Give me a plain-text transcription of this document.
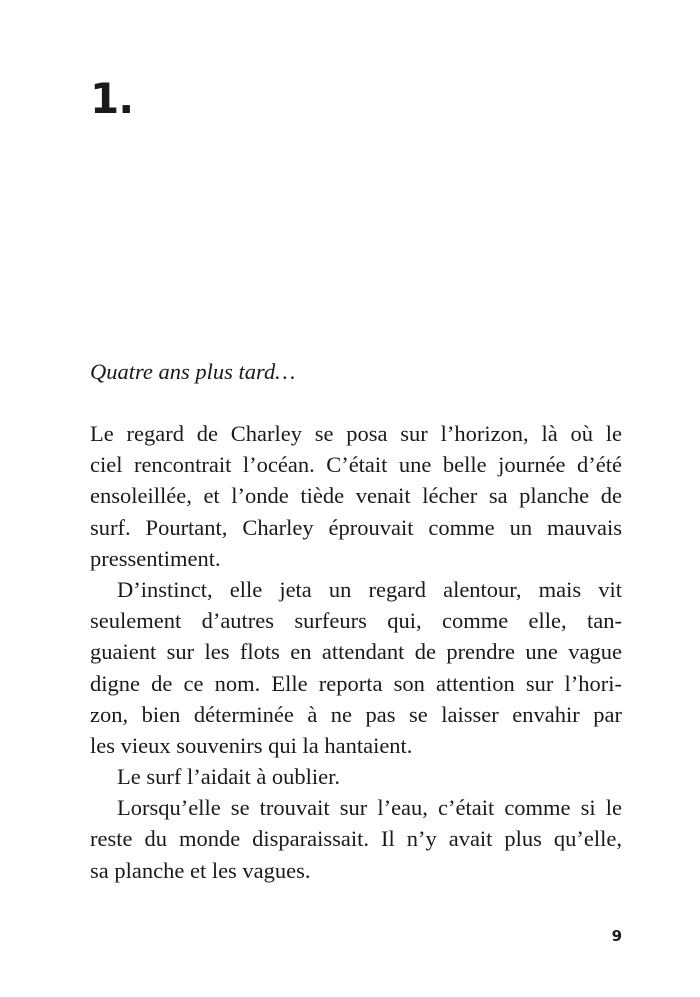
1.

Quatre ans plus tard…

Le regard de Charley se posa sur l’horizon, là où le
ciel rencontrait l’océan. C’était une belle journée d’été
ensoleillée, et l’onde tiède venait lécher sa planche de
surf. Pourtant, Charley éprouvait comme un mauvais
pressentiment.
D’instinct, elle jeta un regard alentour, mais vit
seulement d’autres surfeurs qui, comme elle, tan-
guaient sur les flots en attendant de prendre une vague
digne de ce nom. Elle reporta son attention sur l’hori-
zon, bien déterminée à ne pas se laisser envahir par
les vieux souvenirs qui la hantaient.
Le surf l’aidait à oublier.
Lorsqu’elle se trouvait sur l’eau, c’était comme si le
reste du monde disparaissait. Il n’y avait plus qu’elle,
sa planche et les vagues.

9
